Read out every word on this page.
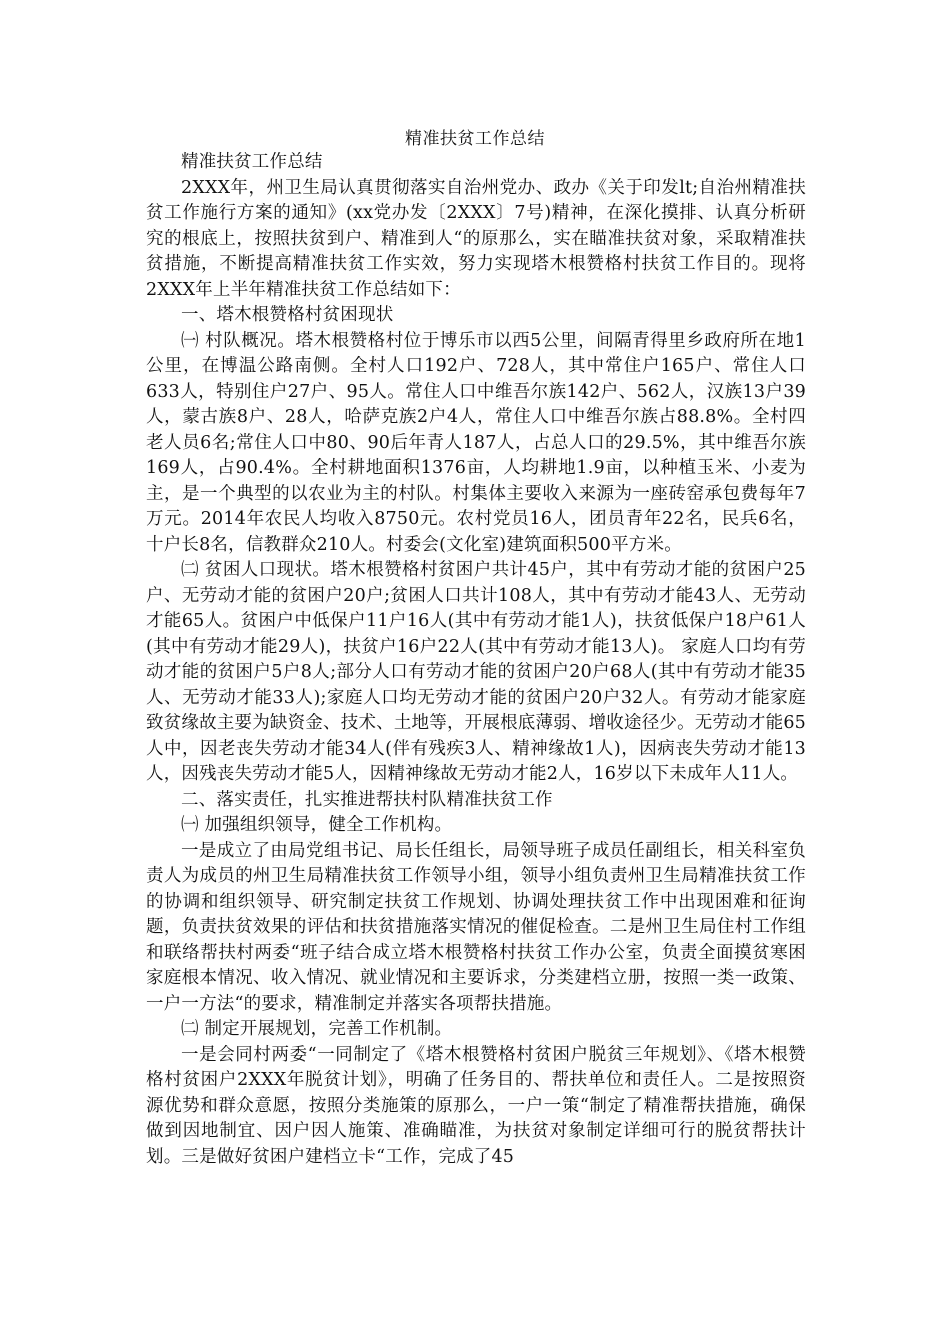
精准扶贫工作总结

精准扶贫工作总结

2XXX年，州卫生局认真贯彻落实自治州党办、政办《关于印发lt;自治州精准扶贫工作施行方案的通知》(xx党办发〔2XXX〕7号)精神，在深化摸排、认真分析研究的根底上，按照扶贫到户、精准到人“的原那么，实在瞄准扶贫对象，采取精准扶贫措施，不断提高精准扶贫工作实效，努力实现塔木根赞格村扶贫工作目的。现将2XXX年上半年精准扶贫工作总结如下：

一、塔木根赞格村贫困现状

㈠ 村队概况。塔木根赞格村位于博乐市以西5公里，间隔青得里乡政府所在地1公里，在博温公路南侧。全村人口192户、728人，其中常住户165户、常住人口633人，特别住户27户、95人。常住人口中维吾尔族142户、562人，汉族13户39人，蒙古族8户、28人，哈萨克族2户4人，常住人口中维吾尔族占88.8%。全村四老人员6名;常住人口中80、90后年青人187人，占总人口的29.5%，其中维吾尔族169人，占90.4%。全村耕地面积1376亩，人均耕地1.9亩，以种植玉米、小麦为主，是一个典型的以农业为主的村队。村集体主要收入来源为一座砖窑承包费每年7万元。2014年农民人均收入8750元。农村党员16人，团员青年22名，民兵6名，十户长8名，信教群众210人。村委会(文化室)建筑面积500平方米。

㈡ 贫困人口现状。塔木根赞格村贫困户共计45户，其中有劳动才能的贫困户25户、无劳动才能的贫困户20户;贫困人口共计108人，其中有劳动才能43人、无劳动才能65人。贫困户中低保户11户16人(其中有劳动才能1人)，扶贫低保户18户61人(其中有劳动才能29人)，扶贫户16户22人(其中有劳动才能13人)。 家庭人口均有劳动才能的贫困户5户8人;部分人口有劳动才能的贫困户20户68人(其中有劳动才能35人、无劳动才能33人);家庭人口均无劳动才能的贫困户20户32人。有劳动才能家庭致贫缘故主要为缺资金、技术、土地等，开展根底薄弱、增收途径少。无劳动才能65人中，因老丧失劳动才能34人(伴有残疾3人、精神缘故1人)，因病丧失劳动才能13人，因残丧失劳动才能5人，因精神缘故无劳动才能2人，16岁以下未成年人11人。

二、落实责任，扎实推进帮扶村队精准扶贫工作

㈠ 加强组织领导，健全工作机构。

一是成立了由局党组书记、局长任组长，局领导班子成员任副组长，相关科室负责人为成员的州卫生局精准扶贫工作领导小组，领导小组负责州卫生局精准扶贫工作的协调和组织领导、研究制定扶贫工作规划、协调处理扶贫工作中出现困难和征询题，负责扶贫效果的评估和扶贫措施落实情况的催促检查。二是州卫生局住村工作组和联络帮扶村两委“班子结合成立塔木根赞格村扶贫工作办公室，负责全面摸贫寒困家庭根本情况、收入情况、就业情况和主要诉求，分类建档立册，按照一类一政策、一户一方法“的要求，精准制定并落实各项帮扶措施。

㈡ 制定开展规划，完善工作机制。

一是会同村两委“一同制定了《塔木根赞格村贫困户脱贫三年规划》、《塔木根赞格村贫困户2XXX年脱贫计划》，明确了任务目的、帮扶单位和责任人。二是按照资源优势和群众意愿，按照分类施策的原那么，一户一策“制定了精准帮扶措施，确保做到因地制宜、因户因人施策、准确瞄准，为扶贫对象制定详细可行的脱贫帮扶计划。三是做好贫困户建档立卡“工作，完成了45
